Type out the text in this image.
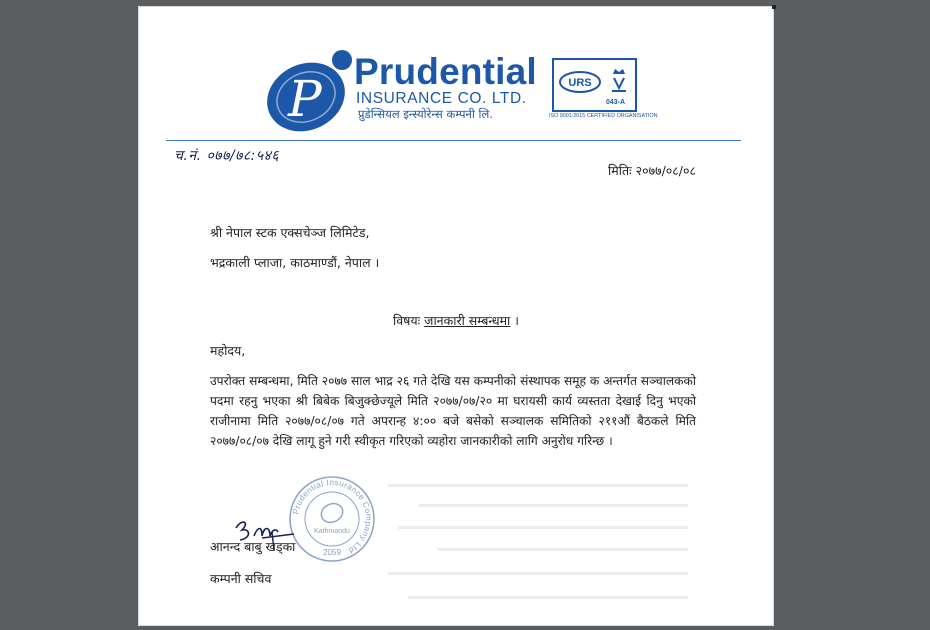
P Prudential
INSURANCE CO. LTD.
प्रुडेन्सियल इन्स्योरेन्स कम्पनी लि.
URS
043-A
ISO 9001:2015 CERTIFIED ORGANISATION
च.नं. ०७७/७८:५४६
मितिः २०७७/०८/०८
श्री नेपाल स्टक एक्सचेञ्ज लिमिटेड,
भद्रकाली प्लाजा, काठमाण्डौं, नेपाल ।
विषयः जानकारी सम्बन्धमा ।
महोदय,

उपरोक्त सम्बन्धमा, मिति २०७७ साल भाद्र २६ गते देखि यस कम्पनीको संस्थापक समूह क अन्तर्गत सञ्चालकको पदमा रहनु भएका श्री बिबेक बिजुक्छेज्यूले मिति २०७७/०७/२० मा घरायसी कार्य व्यस्तता देखाई दिनु भएको राजीनामा मिति २०७७/०८/०७ गते अपरान्ह ४:०० बजे बसेको सञ्चालक समितिको २११औं बैठकले मिति २०७७/०८/०७ देखि लागू हुने गरी स्वीकृत गरिएको व्यहोरा जानकारीको लागि अनुरोध गरिन्छ ।

Prudential Insurance Company Ltd.
Kathmandu
2059
आनन्द बाबु खड्का
कम्पनी सचिव
